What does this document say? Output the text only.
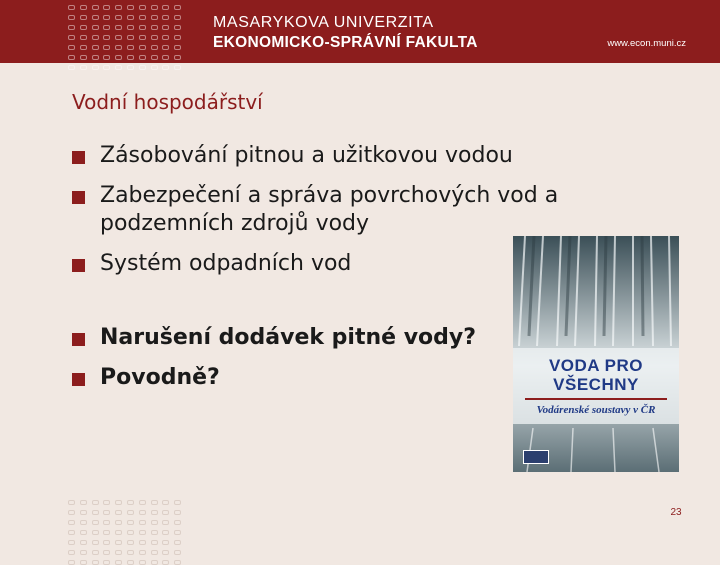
MASARYKOVA UNIVERZITA
EKONOMICKO-SPRÁVNÍ FAKULTA	www.econ.muni.cz
Vodní hospodářství
Zásobování pitnou a užitkovou vodou
Zabezpečení a správa povrchových vod a podzemních zdrojů vody
Systém odpadních vod
Narušení dodávek pitné vody?
Povodně?	VODA PRO VŠECHNY
Vodárenské soustavy v ČR
23
